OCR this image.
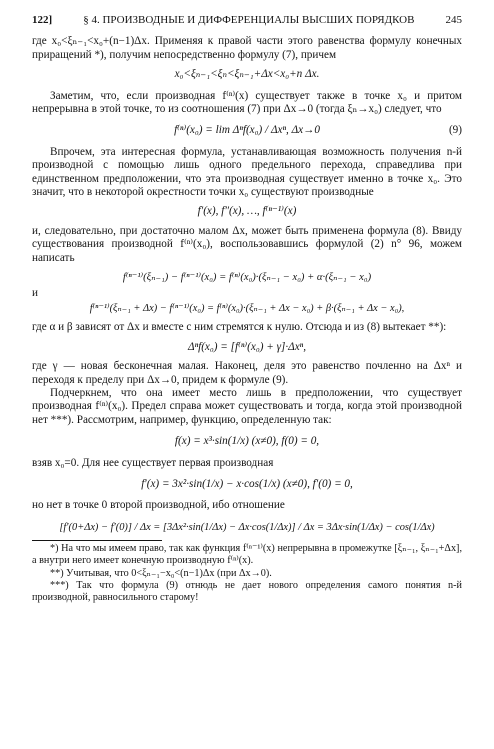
122]	§ 4. ПРОИЗВОДНЫЕ И ДИФФЕРЕНЦИАЛЫ ВЫСШИХ ПОРЯДКОВ	245

где x₀<ξₙ₋₁<x₀+(n−1)Δx. Применяя к правой части этого равенства формулу конечных приращений *), получим непосредственно формулу (7), причем

x₀<ξₙ₋₁<ξₙ<ξₙ₋₁+Δx<x₀+n Δx.

Заметим, что, если производная f⁽ⁿ⁾(x) существует также в точке x₀ и притом непрерывна в этой точке, то из соотношения (7) при Δx→0 (тогда ξₙ→x₀) следует, что

f⁽ⁿ⁾(x₀) = lim Δⁿf(x₀) / Δxⁿ, Δx→0	(9)

Впрочем, эта интересная формула, устанавливающая возможность получения n-й производной с помощью лишь одного предельного перехода, справедлива при единственном предположении, что эта производная существует именно в точке x₀. Это значит, что в некоторой окрестности точки x₀ существуют производные

f′(x), f″(x), …, f⁽ⁿ⁻¹⁾(x)

и, следовательно, при достаточно малом Δx, может быть применена формула (8). Ввиду существования производной f⁽ⁿ⁾(x₀), воспользовавшись формулой (2) n° 96, можем написать

f⁽ⁿ⁻¹⁾(ξₙ₋₁) − f⁽ⁿ⁻¹⁾(x₀) = f⁽ⁿ⁾(x₀)·(ξₙ₋₁ − x₀) + α·(ξₙ₋₁ − x₀)
и
f⁽ⁿ⁻¹⁾(ξₙ₋₁ + Δx) − f⁽ⁿ⁻¹⁾(x₀) = f⁽ⁿ⁾(x₀)·(ξₙ₋₁ + Δx − x₀) + β·(ξₙ₋₁ + Δx − x₀),

где α и β зависят от Δx и вместе с ним стремятся к нулю. Отсюда и из (8) вытекает **):

Δⁿf(x₀) = [f⁽ⁿ⁾(x₀) + γ]·Δxⁿ,

где γ — новая бесконечная малая. Наконец, деля это равенство почленно на Δxⁿ и переходя к пределу при Δx→0, придем к формуле (9).

Подчеркнем, что она имеет место лишь в предположении, что существует производная f⁽ⁿ⁾(x₀). Предел справа может существовать и тогда, когда этой производной нет ***). Рассмотрим, например, функцию, определенную так:

f(x) = x³·sin(1/x) (x≠0), f(0) = 0,

взяв x₀=0. Для нее существует первая производная

f′(x) = 3x²·sin(1/x) − x·cos(1/x) (x≠0), f′(0) = 0,

но нет в точке 0 второй производной, ибо отношение

[f′(0+Δx) − f′(0)] / Δx = [3Δx²·sin(1/Δx) − Δx·cos(1/Δx)] / Δx = 3Δx·sin(1/Δx) − cos(1/Δx)

*) На что мы имеем право, так как функция f⁽ⁿ⁻¹⁾(x) непрерывна в промежутке [ξₙ₋₁, ξₙ₋₁+Δx], а внутри него имеет конечную производную f⁽ⁿ⁾(x).

**) Учитывая, что 0<ξₙ₋₁−x₀<(n−1)Δx (при Δx→0).

***) Так что формула (9) отнюдь не дает нового определения самого понятия n-й производной, равносильного старому!
